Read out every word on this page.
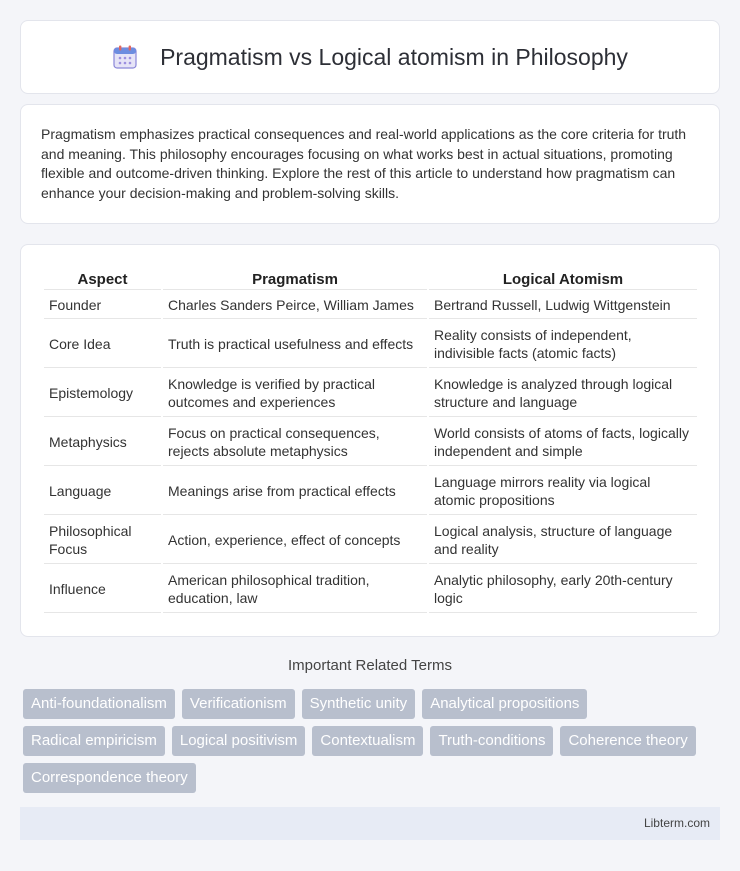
Pragmatism vs Logical atomism in Philosophy

Pragmatism emphasizes practical consequences and real-world applications as the core criteria for truth and meaning. This philosophy encourages focusing on what works best in actual situations, promoting flexible and outcome-driven thinking. Explore the rest of this article to understand how pragmatism can enhance your decision-making and problem-solving skills.

Aspect	Pragmatism	Logical Atomism
Founder	Charles Sanders Peirce, William James	Bertrand Russell, Ludwig Wittgenstein
Core Idea	Truth is practical usefulness and effects	Reality consists of independent, indivisible facts (atomic facts)
Epistemology	Knowledge is verified by practical outcomes and experiences	Knowledge is analyzed through logical structure and language
Metaphysics	Focus on practical consequences, rejects absolute metaphysics	World consists of atoms of facts, logically independent and simple
Language	Meanings arise from practical effects	Language mirrors reality via logical atomic propositions
Philosophical Focus	Action, experience, effect of concepts	Logical analysis, structure of language and reality
Influence	American philosophical tradition, education, law	Analytic philosophy, early 20th-century logic
Important Related Terms
Anti-foundationalism	Verificationism	Synthetic unity	Analytical propositions
Radical empiricism	Logical positivism	Contextualism	Truth-conditions	Coherence theory
Correspondence theory
Libterm.com
